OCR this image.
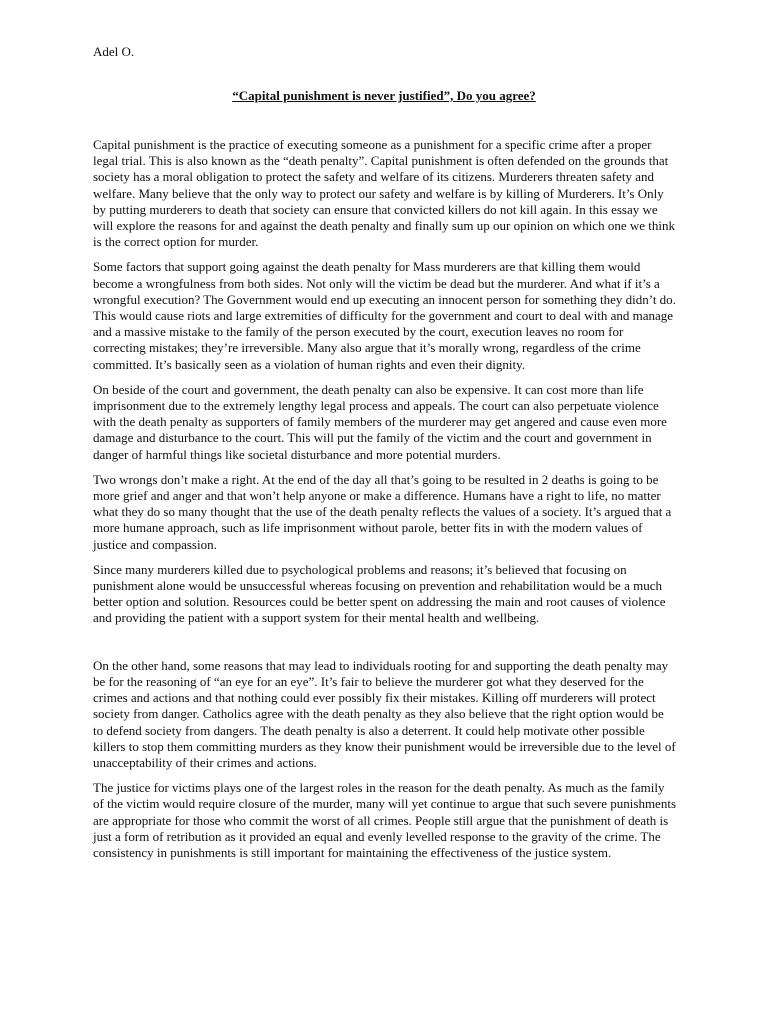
Adel O.

“Capital punishment is never justified”, Do you agree?

Capital punishment is the practice of executing someone as a punishment for a specific crime after a proper legal trial. This is also known as the “death penalty”. Capital punishment is often defended on the grounds that society has a moral obligation to protect the safety and welfare of its citizens. Murderers threaten safety and welfare. Many believe that the only way to protect our safety and welfare is by killing of Murderers. It’s Only by putting murderers to death that society can ensure that convicted killers do not kill again. In this essay we will explore the reasons for and against the death penalty and finally sum up our opinion on which one we think is the correct option for murder.

Some factors that support going against the death penalty for Mass murderers are that killing them would become a wrongfulness from both sides. Not only will the victim be dead but the murderer. And what if it’s a wrongful execution? The Government would end up executing an innocent person for something they didn’t do. This would cause riots and large extremities of difficulty for the government and court to deal with and manage and a massive mistake to the family of the person executed by the court, execution leaves no room for correcting mistakes; they’re irreversible. Many also argue that it’s morally wrong, regardless of the crime committed. It’s basically seen as a violation of human rights and even their dignity.

On beside of the court and government, the death penalty can also be expensive. It can cost more than life imprisonment due to the extremely lengthy legal process and appeals. The court can also perpetuate violence with the death penalty as supporters of family members of the murderer may get angered and cause even more damage and disturbance to the court. This will put the family of the victim and the court and government in danger of harmful things like societal disturbance and more potential murders.

Two wrongs don’t make a right. At the end of the day all that’s going to be resulted in 2 deaths is going to be more grief and anger and that won’t help anyone or make a difference. Humans have a right to life, no matter what they do so many thought that the use of the death penalty reflects the values of a society. It’s argued that a more humane approach, such as life imprisonment without parole, better fits in with the modern values of justice and compassion.

Since many murderers killed due to psychological problems and reasons; it’s believed that focusing on punishment alone would be unsuccessful whereas focusing on prevention and rehabilitation would be a much better option and solution. Resources could be better spent on addressing the main and root causes of violence and providing the patient with a support system for their mental health and wellbeing.

On the other hand, some reasons that may lead to individuals rooting for and supporting the death penalty may be for the reasoning of “an eye for an eye”. It’s fair to believe the murderer got what they deserved for the crimes and actions and that nothing could ever possibly fix their mistakes. Killing off murderers will protect society from danger. Catholics agree with the death penalty as they also believe that the right option would be to defend society from dangers. The death penalty is also a deterrent. It could help motivate other possible killers to stop them committing murders as they know their punishment would be irreversible due to the level of unacceptability of their crimes and actions.

The justice for victims plays one of the largest roles in the reason for the death penalty. As much as the family of the victim would require closure of the murder, many will yet continue to argue that such severe punishments are appropriate for those who commit the worst of all crimes. People still argue that the punishment of death is just a form of retribution as it provided an equal and evenly levelled response to the gravity of the crime. The consistency in punishments is still important for maintaining the effectiveness of the justice system.
